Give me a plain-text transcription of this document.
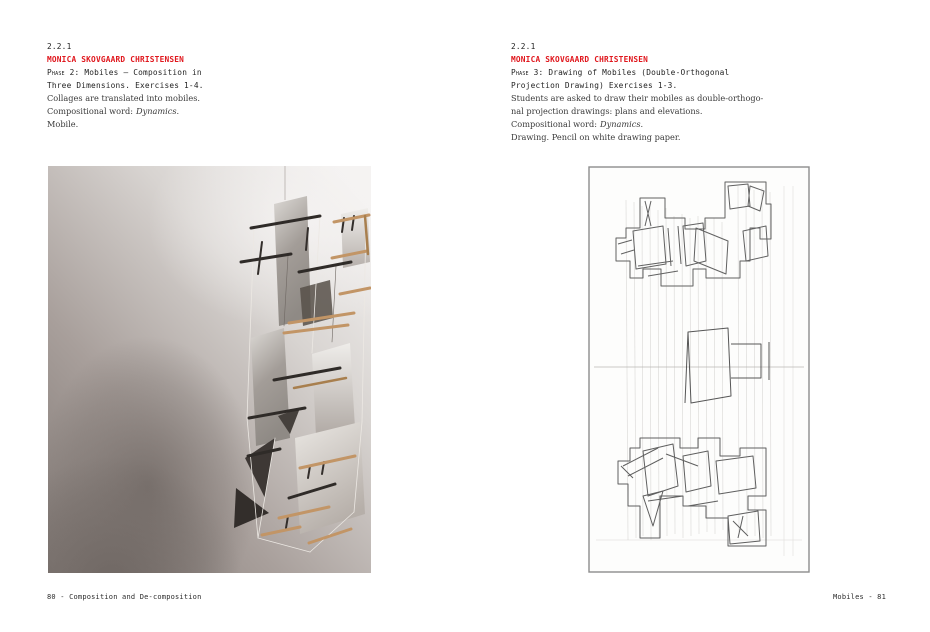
2.2.1
MONICA SKOVGAARD CHRISTENSEN
Phase 2: Mobiles – Composition in
Three Dimensions. Exercises 1-4.
Collages are translated into mobiles.
Compositional word: Dynamics.
Mobile.
80 - Composition and De-composition
2.2.1
MONICA SKOVGAARD CHRISTENSEN
Phase 3: Drawing of Mobiles (Double-Orthogonal
Projection Drawing) Exercises 1-3.
Students are asked to draw their mobiles as double-orthogo-
nal projection drawings: plans and elevations.
Compositional word: Dynamics.
Drawing. Pencil on white drawing paper.
Mobiles - 81
